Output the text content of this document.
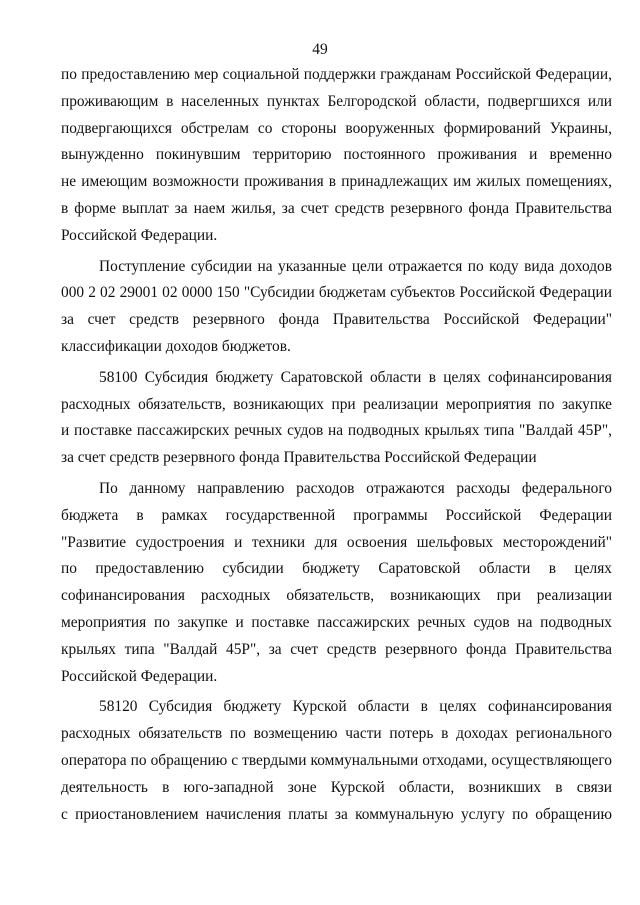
49
по предоставлению мер социальной поддержки гражданам Российской Федерации,
проживающим в населенных пунктах Белгородской области, подвергшихся или
подвергающихся обстрелам со стороны вооруженных формирований Украины,
вынужденно покинувшим территорию постоянного проживания и временно
не имеющим возможности проживания в принадлежащих им жилых помещениях,
в форме выплат за наем жилья, за счет средств резервного фонда Правительства
Российской Федерации.
Поступление субсидии на указанные цели отражается по коду вида доходов
000 2 02 29001 02 0000 150 "Субсидии бюджетам субъектов Российской Федерации
за счет средств резервного фонда Правительства Российской Федерации"
классификации доходов бюджетов.
58100 Субсидия бюджету Саратовской области в целях софинансирования
расходных обязательств, возникающих при реализации мероприятия по закупке
и поставке пассажирских речных судов на подводных крыльях типа "Валдай 45Р",
за счет средств резервного фонда Правительства Российской Федерации
По данному направлению расходов отражаются расходы федерального
бюджета в рамках государственной программы Российской Федерации
"Развитие судостроения и техники для освоения шельфовых месторождений"
по предоставлению субсидии бюджету Саратовской области в целях
софинансирования расходных обязательств, возникающих при реализации
мероприятия по закупке и поставке пассажирских речных судов на подводных
крыльях типа "Валдай 45Р", за счет средств резервного фонда Правительства
Российской Федерации.
58120 Субсидия бюджету Курской области в целях софинансирования
расходных обязательств по возмещению части потерь в доходах регионального
оператора по обращению с твердыми коммунальными отходами, осуществляющего
деятельность в юго-западной зоне Курской области, возникших в связи
с приостановлением начисления платы за коммунальную услугу по обращению
